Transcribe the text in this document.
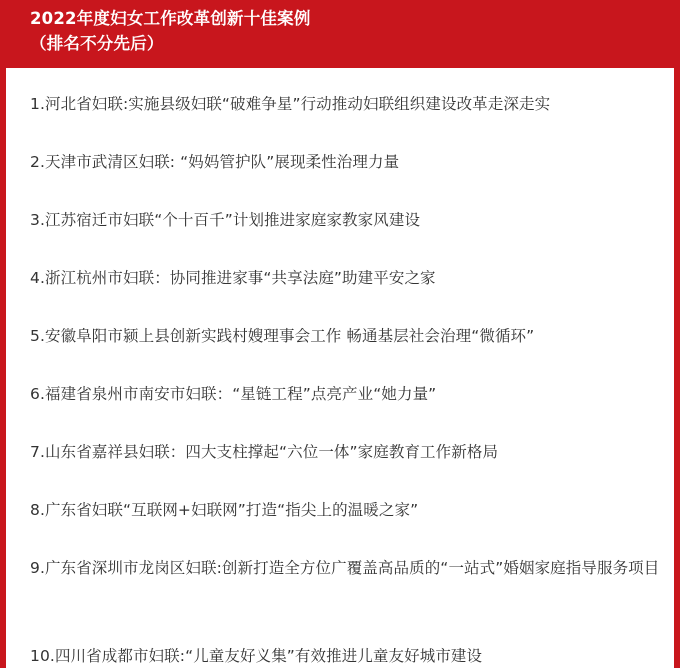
2022年度妇女工作改革创新十佳案例
（排名不分先后）
1.河北省妇联:实施县级妇联“破难争星”行动推动妇联组织建设改革走深走实
2.天津市武清区妇联: “妈妈管护队”展现柔性治理力量
3.江苏宿迁市妇联“个十百千”计划推进家庭家教家风建设
4.浙江杭州市妇联：协同推进家事“共享法庭”助建平安之家
5.安徽阜阳市颍上县创新实践村嫂理事会工作 畅通基层社会治理“微循环”
6.福建省泉州市南安市妇联：“星链工程”点亮产业“她力量”
7.山东省嘉祥县妇联：四大支柱撑起“六位一体”家庭教育工作新格局
8.广东省妇联“互联网+妇联网”打造“指尖上的温暖之家”
9.广东省深圳市龙岗区妇联:创新打造全方位广覆盖高品质的“一站式”婚姻家庭指导服务项目
10.四川省成都市妇联:“儿童友好义集”有效推进儿童友好城市建设
